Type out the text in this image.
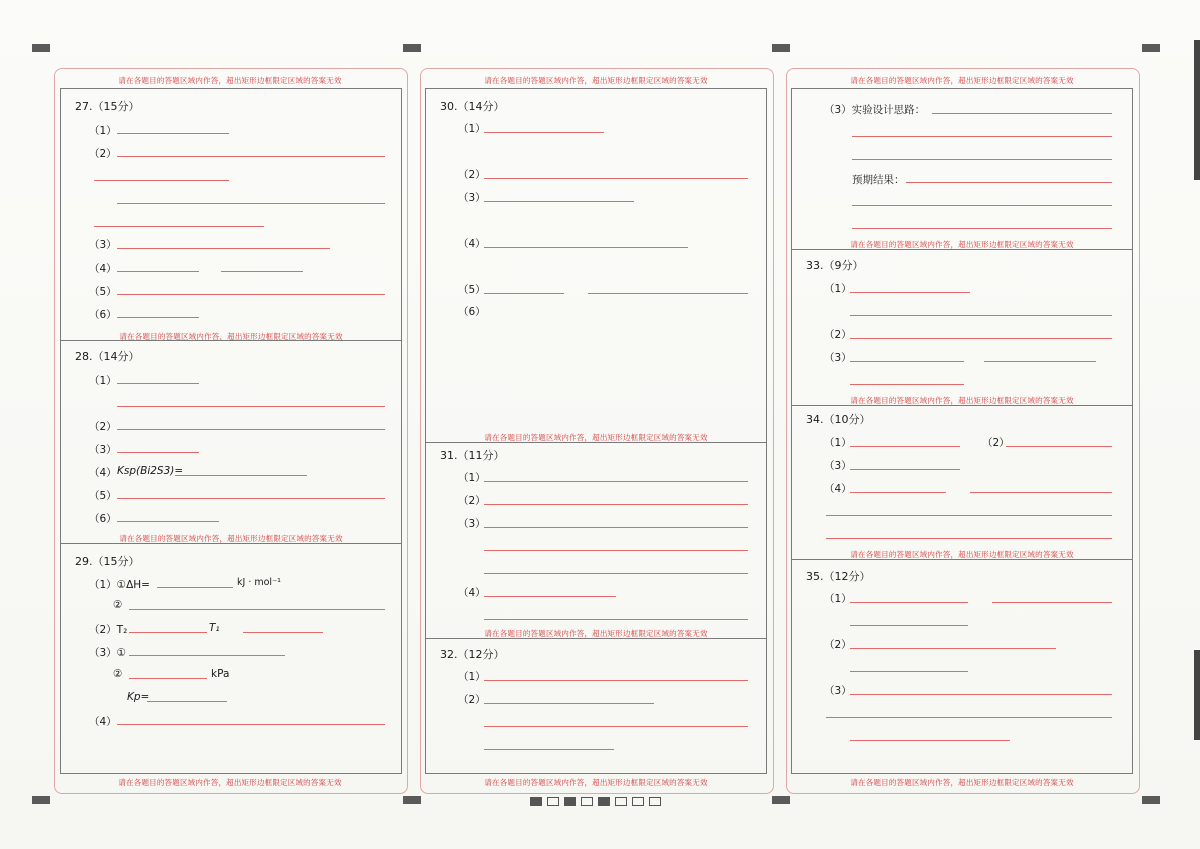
请在各题目的答题区域内作答，超出矩形边框限定区域的答案无效
27.（15分）
（1）
（2）
（3）
（4）
（5）
（6）
请在各题目的答题区域内作答，超出矩形边框限定区域的答案无效
28.（14分）
（1）
（2）
（3）
（4） Ksp(Bi2S3)=
（5）
（6）
请在各题目的答题区域内作答，超出矩形边框限定区域的答案无效
29.（15分）
（1）①ΔH=	kJ · mol⁻¹
②
（2）T₂	T₁
（3）①
②	kPa
Kp=
（4）
请在各题目的答题区域内作答，超出矩形边框限定区域的答案无效
请在各题目的答题区域内作答，超出矩形边框限定区域的答案无效
30.（14分）
（1）
（2）
（3）
（4）
（5）
（6）
请在各题目的答题区域内作答，超出矩形边框限定区域的答案无效
31.（11分）
（1）
（2）
（3）
（4）
请在各题目的答题区域内作答，超出矩形边框限定区域的答案无效
32.（12分）
（1）
（2）
请在各题目的答题区域内作答，超出矩形边框限定区域的答案无效
请在各题目的答题区域内作答，超出矩形边框限定区域的答案无效
（3）实验设计思路：
预期结果：
请在各题目的答题区域内作答，超出矩形边框限定区域的答案无效
33.（9分）
（1）
（2）
（3）
请在各题目的答题区域内作答，超出矩形边框限定区域的答案无效
34.（10分）
（1）	（2）
（3）
（4）
请在各题目的答题区域内作答，超出矩形边框限定区域的答案无效
35.（12分）
（1）
（2）
（3）
请在各题目的答题区域内作答，超出矩形边框限定区域的答案无效
